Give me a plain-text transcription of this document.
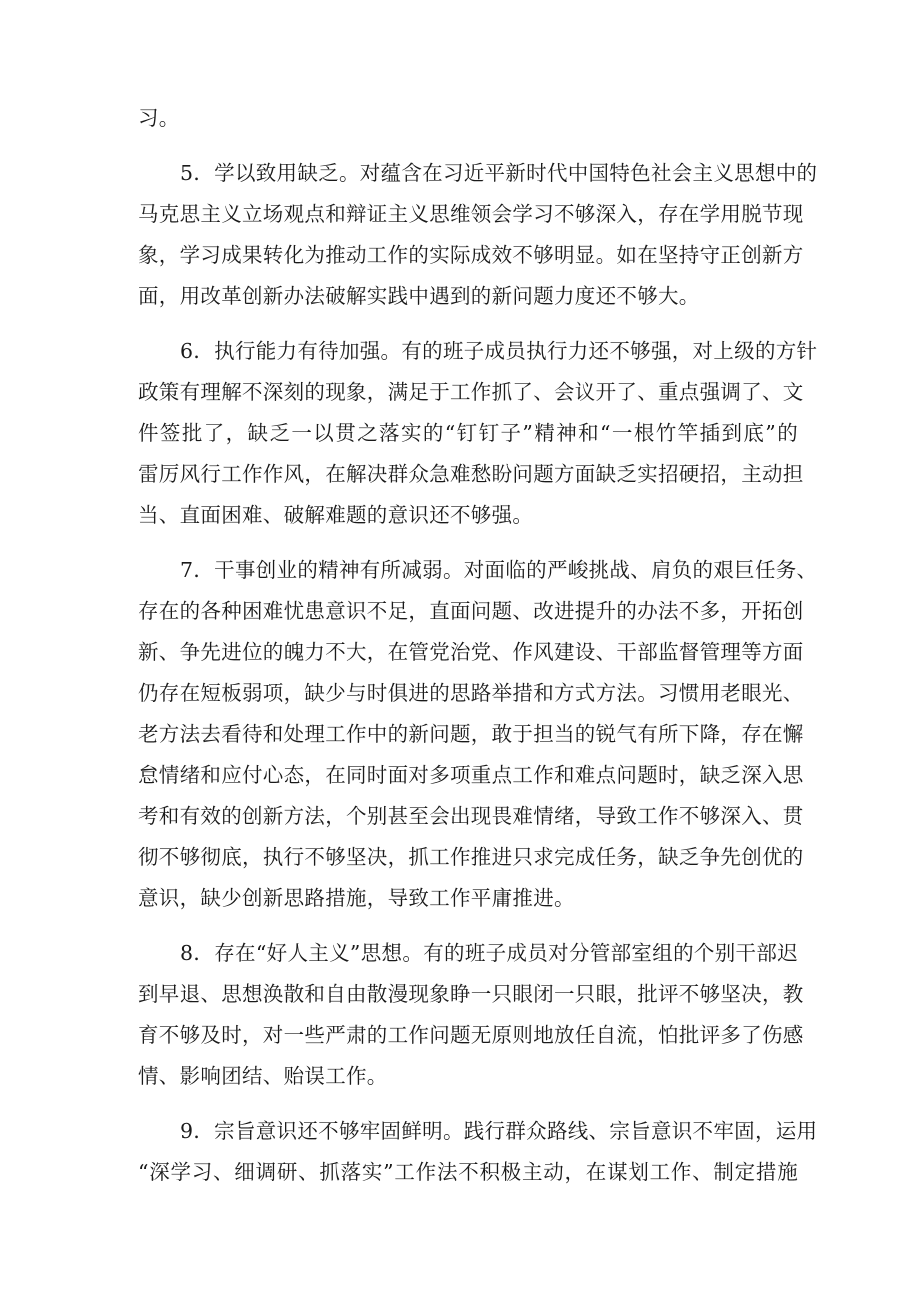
习。
5．学以致用缺乏。对蕴含在习近平新时代中国特色社会主义思想中的
马克思主义立场观点和辩证主义思维领会学习不够深入，存在学用脱节现
象，学习成果转化为推动工作的实际成效不够明显。如在坚持守正创新方
面，用改革创新办法破解实践中遇到的新问题力度还不够大。
6．执行能力有待加强。有的班子成员执行力还不够强，对上级的方针
政策有理解不深刻的现象，满足于工作抓了、会议开了、重点强调了、文
件签批了，缺乏一以贯之落实的“钉钉子”精神和“一根竹竿插到底”的
雷厉风行工作作风，在解决群众急难愁盼问题方面缺乏实招硬招，主动担
当、直面困难、破解难题的意识还不够强。
7．干事创业的精神有所减弱。对面临的严峻挑战、肩负的艰巨任务、
存在的各种困难忧患意识不足，直面问题、改进提升的办法不多，开拓创
新、争先进位的魄力不大，在管党治党、作风建设、干部监督管理等方面
仍存在短板弱项，缺少与时俱进的思路举措和方式方法。习惯用老眼光、
老方法去看待和处理工作中的新问题，敢于担当的锐气有所下降，存在懈
怠情绪和应付心态，在同时面对多项重点工作和难点问题时，缺乏深入思
考和有效的创新方法，个别甚至会出现畏难情绪，导致工作不够深入、贯
彻不够彻底，执行不够坚决，抓工作推进只求完成任务，缺乏争先创优的
意识，缺少创新思路措施，导致工作平庸推进。
8．存在“好人主义”思想。有的班子成员对分管部室组的个别干部迟
到早退、思想涣散和自由散漫现象睁一只眼闭一只眼，批评不够坚决，教
育不够及时，对一些严肃的工作问题无原则地放任自流，怕批评多了伤感
情、影响团结、贻误工作。
9．宗旨意识还不够牢固鲜明。践行群众路线、宗旨意识不牢固，运用
“深学习、细调研、抓落实”工作法不积极主动，在谋划工作、制定措施
